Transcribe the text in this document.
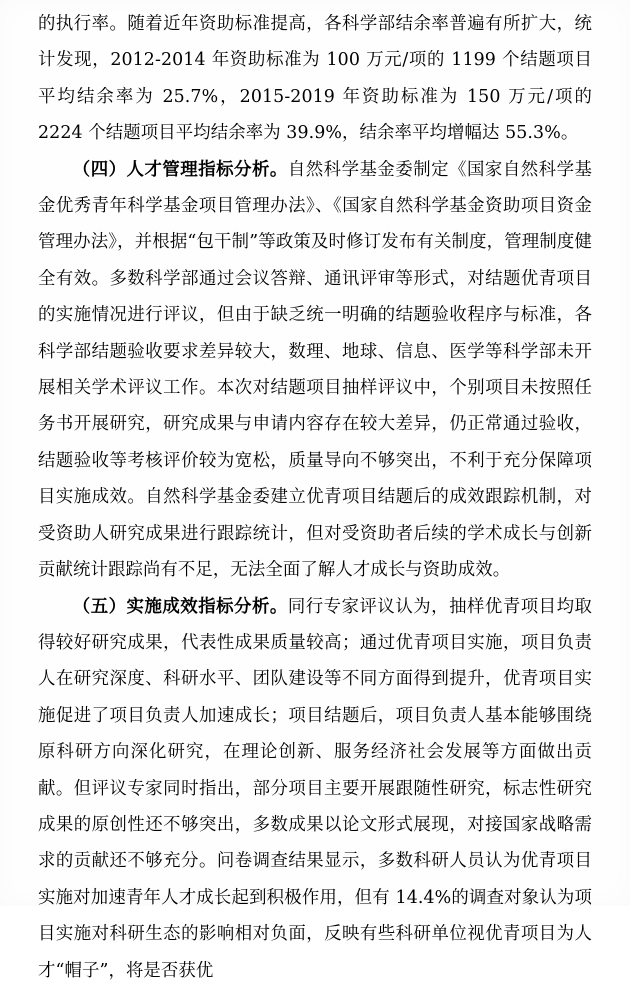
的执行率。随着近年资助标准提高，各科学部结余率普遍有所扩大，统计发现，2012-2014 年资助标准为 100 万元/项的 1199 个结题项目平均结余率为 25.7%，2015-2019 年资助标准为 150 万元/项的 2224 个结题项目平均结余率为 39.9%，结余率平均增幅达 55.3%。

（四）人才管理指标分析。自然科学基金委制定《国家自然科学基金优秀青年科学基金项目管理办法》、《国家自然科学基金资助项目资金管理办法》，并根据“包干制”等政策及时修订发布有关制度，管理制度健全有效。多数科学部通过会议答辩、通讯评审等形式，对结题优青项目的实施情况进行评议，但由于缺乏统一明确的结题验收程序与标准，各科学部结题验收要求差异较大，数理、地球、信息、医学等科学部未开展相关学术评议工作。本次对结题项目抽样评议中，个别项目未按照任务书开展研究，研究成果与申请内容存在较大差异，仍正常通过验收，结题验收等考核评价较为宽松，质量导向不够突出，不利于充分保障项目实施成效。自然科学基金委建立优青项目结题后的成效跟踪机制，对受资助人研究成果进行跟踪统计，但对受资助者后续的学术成长与创新贡献统计跟踪尚有不足，无法全面了解人才成长与资助成效。

（五）实施成效指标分析。同行专家评议认为，抽样优青项目均取得较好研究成果，代表性成果质量较高；通过优青项目实施，项目负责人在研究深度、科研水平、团队建设等不同方面得到提升，优青项目实施促进了项目负责人加速成长；项目结题后，项目负责人基本能够围绕原科研方向深化研究，在理论创新、服务经济社会发展等方面做出贡献。但评议专家同时指出，部分项目主要开展跟随性研究，标志性研究成果的原创性还不够突出，多数成果以论文形式展现，对接国家战略需求的贡献还不够充分。问卷调查结果显示，多数科研人员认为优青项目实施对加速青年人才成长起到积极作用，但有 14.4%的调查对象认为项目实施对科研生态的影响相对负面，反映有些科研单位视优青项目为人才“帽子”，将是否获优
